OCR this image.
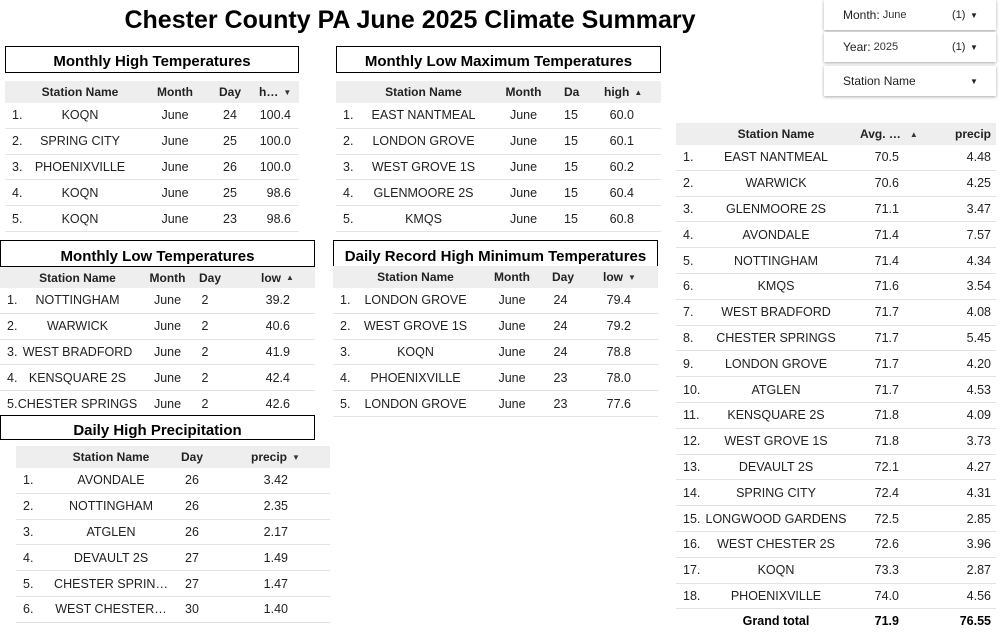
Chester County PA June 2025 Climate Summary	Month: June	(1) ▼
Year: 2025	(1) ▼
Station Name	▼
Monthly High Temperatures
Station Name	Month	Day	h… ▼
1.	KOQN	June	24	100.4
2.	SPRING CITY	June	25	100.0
3. PHOENIXVILLE	June	26	100.0
4.	KOQN	June	25	98.6
5.	KOQN	June	23	98.6
Monthly Low Maximum Temperatures
Station Name	Month	Da high ▲
1.	EAST NANTMEAL	June	15	60.0
2.	LONDON GROVE	June	15	60.1
3.	WEST GROVE 1S	June	15	60.2
4.	GLENMOORE 2S	June	15	60.4
5.	KMQS	June	15	60.8
Monthly Low Temperatures
Station Name	Month	Day	low ▲
1.	NOTTINGHAM	June	2	39.2
2.	WARWICK	June	2	40.6
3. WEST BRADFORD	June	2	41.9
4. KENSQUARE 2S	June	2	42.4
5. CHESTER SPRINGS	June	2	42.6
Daily Record High Minimum Temperatures
Station Name	Month	Day	low ▼
1.	LONDON GROVE	June	24	79.4
2.	WEST GROVE 1S	June	24	79.2
3.	KOQN	June	24	78.8
4.	PHOENIXVILLE	June	23	78.0
5.	LONDON GROVE	June	23	77.6
Daily High Precipitation
Station Name	Day	precip ▼
1.	AVONDALE	26	3.42
2.	NOTTINGHAM	26	2.35
3.	ATGLEN	26	2.17
4.	DEVAULT 2S	27	1.49
5.	CHESTER SPRIN…	27	1.47
6.	WEST CHESTER…	30	1.40
Station Name	Avg. … ▲	precip
1.	EAST NANTMEAL	70.5	4.48
2.	WARWICK	70.6	4.25
3.	GLENMOORE 2S	71.1	3.47
4.	AVONDALE	71.4	7.57
5.	NOTTINGHAM	71.4	4.34
6.	KMQS	71.6	3.54
7.	WEST BRADFORD	71.7	4.08
8.	CHESTER SPRINGS	71.7	5.45
9.	LONDON GROVE	71.7	4.20
10.	ATGLEN	71.7	4.53
11.	KENSQUARE 2S	71.8	4.09
12.	WEST GROVE 1S	71.8	3.73
13.	DEVAULT 2S	72.1	4.27
14.	SPRING CITY	72.4	4.31
15. LONGWOOD GARDENS	72.5	2.85
16.	WEST CHESTER 2S	72.6	3.96
17.	KOQN	73.3	2.87
18.	PHOENIXVILLE	74.0	4.56
Grand total	71.9	76.55
